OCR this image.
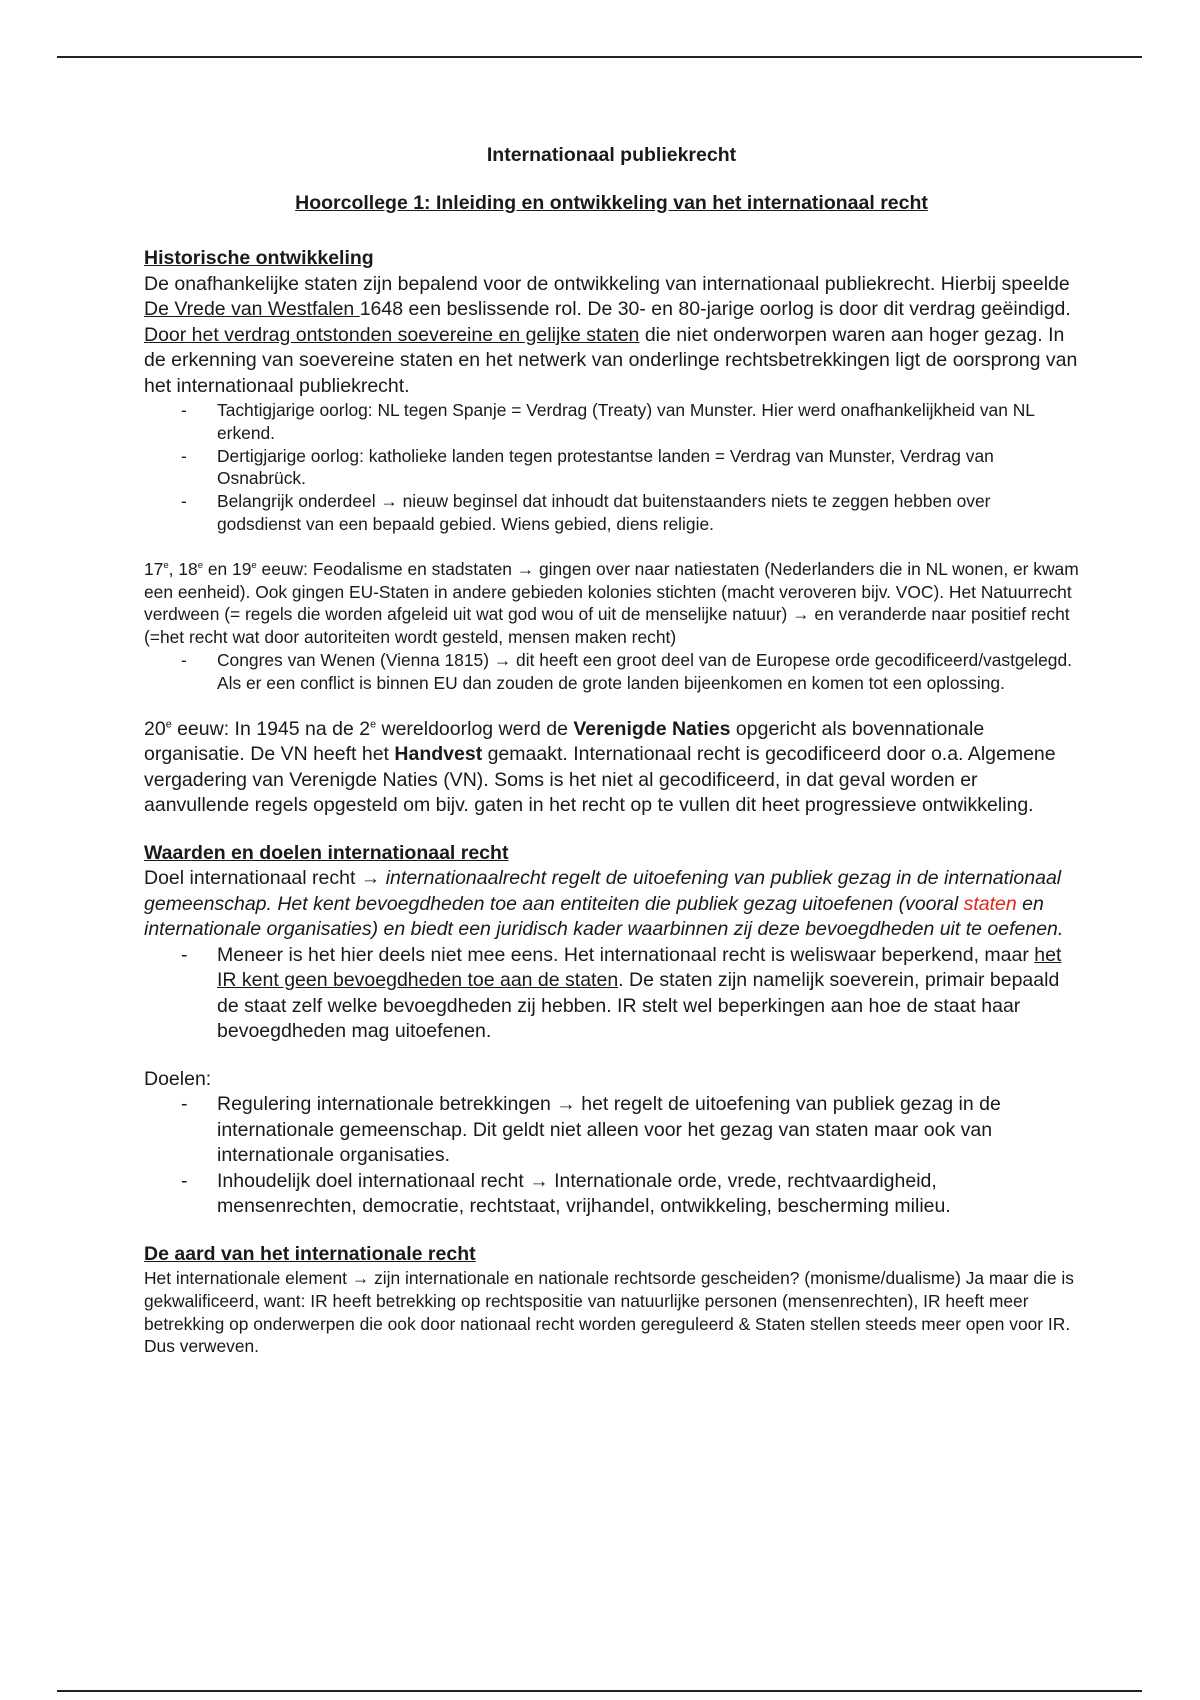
Internationaal publiekrecht

Hoorcollege 1: Inleiding en ontwikkeling van het internationaal recht

Historische ontwikkeling

De onafhankelijke staten zijn bepalend voor de ontwikkeling van internationaal publiekrecht. Hierbij speelde De Vrede van Westfalen 1648 een beslissende rol. De 30- en 80-jarige oorlog is door dit verdrag geëindigd. Door het verdrag ontstonden soevereine en gelijke staten die niet onderworpen waren aan hoger gezag. In de erkenning van soevereine staten en het netwerk van onderlinge rechtsbetrekkingen ligt de oorsprong van het internationaal publiekrecht.

- Tachtigjarige oorlog: NL tegen Spanje = Verdrag (Treaty) van Munster. Hier werd onafhankelijkheid van NL erkend.
- Dertigjarige oorlog: katholieke landen tegen protestantse landen = Verdrag van Munster, Verdrag van Osnabrück.
- Belangrijk onderdeel → nieuw beginsel dat inhoudt dat buitenstaanders niets te zeggen hebben over godsdienst van een bepaald gebied. Wiens gebied, diens religie.

17e, 18e en 19e eeuw: Feodalisme en stadstaten → gingen over naar natiestaten (Nederlanders die in NL wonen, er kwam een eenheid). Ook gingen EU-Staten in andere gebieden kolonies stichten (macht veroveren bijv. VOC). Het Natuurrecht verdween (= regels die worden afgeleid uit wat god wou of uit de menselijke natuur) → en veranderde naar positief recht (=het recht wat door autoriteiten wordt gesteld, mensen maken recht)

- Congres van Wenen (Vienna 1815) → dit heeft een groot deel van de Europese orde gecodificeerd/vastgelegd. Als er een conflict is binnen EU dan zouden de grote landen bijeenkomen en komen tot een oplossing.

20e eeuw: In 1945 na de 2e wereldoorlog werd de Verenigde Naties opgericht als bovennationale organisatie. De VN heeft het Handvest gemaakt. Internationaal recht is gecodificeerd door o.a. Algemene vergadering van Verenigde Naties (VN). Soms is het niet al gecodificeerd, in dat geval worden er aanvullende regels opgesteld om bijv. gaten in het recht op te vullen dit heet progressieve ontwikkeling.

Waarden en doelen internationaal recht

Doel internationaal recht → internationaalrecht regelt de uitoefening van publiek gezag in de internationaal gemeenschap. Het kent bevoegdheden toe aan entiteiten die publiek gezag uitoefenen (vooral staten en internationale organisaties) en biedt een juridisch kader waarbinnen zij deze bevoegdheden uit te oefenen.

- Meneer is het hier deels niet mee eens. Het internationaal recht is weliswaar beperkend, maar het IR kent geen bevoegdheden toe aan de staten. De staten zijn namelijk soeverein, primair bepaald de staat zelf welke bevoegdheden zij hebben. IR stelt wel beperkingen aan hoe de staat haar bevoegdheden mag uitoefenen.

Doelen:

- Regulering internationale betrekkingen → het regelt de uitoefening van publiek gezag in de internationale gemeenschap. Dit geldt niet alleen voor het gezag van staten maar ook van internationale organisaties.
- Inhoudelijk doel internationaal recht → Internationale orde, vrede, rechtvaardigheid, mensenrechten, democratie, rechtstaat, vrijhandel, ontwikkeling, bescherming milieu.

De aard van het internationale recht

Het internationale element → zijn internationale en nationale rechtsorde gescheiden? (monisme/dualisme) Ja maar die is gekwalificeerd, want: IR heeft betrekking op rechtspositie van natuurlijke personen (mensenrechten), IR heeft meer betrekking op onderwerpen die ook door nationaal recht worden gereguleerd & Staten stellen steeds meer open voor IR. Dus verweven.
